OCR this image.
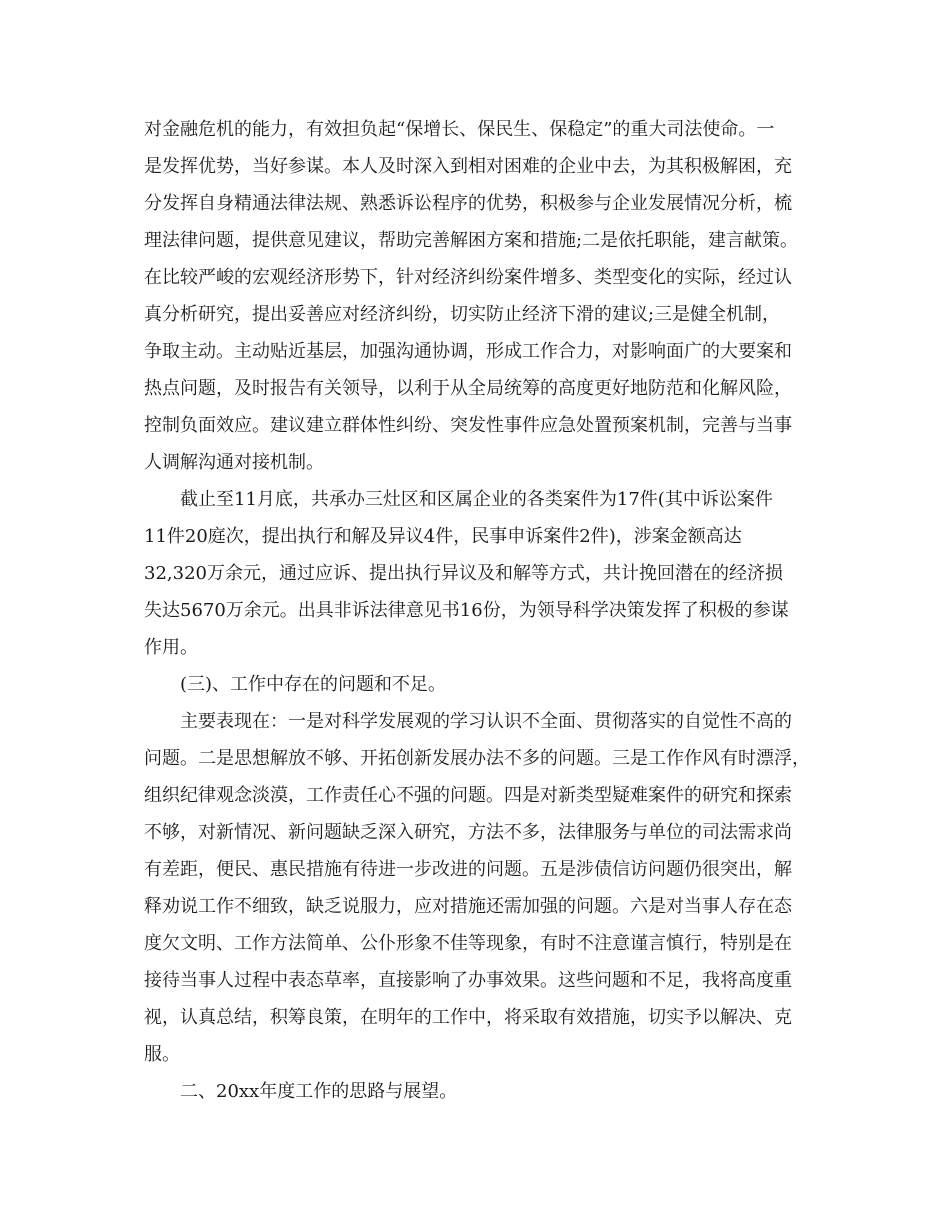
对金融危机的能力，有效担负起“保增长、保民生、保稳定”的重大司法使命。一

是发挥优势，当好参谋。本人及时深入到相对困难的企业中去，为其积极解困，充

分发挥自身精通法律法规、熟悉诉讼程序的优势，积极参与企业发展情况分析，梳

理法律问题，提供意见建议，帮助完善解困方案和措施;二是依托职能，建言献策。

在比较严峻的宏观经济形势下，针对经济纠纷案件增多、类型变化的实际，经过认

真分析研究，提出妥善应对经济纠纷，切实防止经济下滑的建议;三是健全机制，

争取主动。主动贴近基层，加强沟通协调，形成工作合力，对影响面广的大要案和

热点问题，及时报告有关领导，以利于从全局统筹的高度更好地防范和化解风险，

控制负面效应。建议建立群体性纠纷、突发性事件应急处置预案机制，完善与当事

人调解沟通对接机制。

截止至11月底，共承办三灶区和区属企业的各类案件为17件(其中诉讼案件

11件20庭次，提出执行和解及异议4件，民事申诉案件2件)，涉案金额高达

32,320万余元，通过应诉、提出执行异议及和解等方式，共计挽回潜在的经济损

失达5670万余元。出具非诉法律意见书16份，为领导科学决策发挥了积极的参谋

作用。

(三)、工作中存在的问题和不足。

主要表现在：一是对科学发展观的学习认识不全面、贯彻落实的自觉性不高的

问题。二是思想解放不够、开拓创新发展办法不多的问题。三是工作作风有时漂浮，

组织纪律观念淡漠，工作责任心不强的问题。四是对新类型疑难案件的研究和探索

不够，对新情况、新问题缺乏深入研究，方法不多，法律服务与单位的司法需求尚

有差距，便民、惠民措施有待进一步改进的问题。五是涉债信访问题仍很突出，解

释劝说工作不细致，缺乏说服力，应对措施还需加强的问题。六是对当事人存在态

度欠文明、工作方法简单、公仆形象不佳等现象，有时不注意谨言慎行，特别是在

接待当事人过程中表态草率，直接影响了办事效果。这些问题和不足，我将高度重

视，认真总结，积筹良策，在明年的工作中，将采取有效措施，切实予以解决、克

服。

二、20xx年度工作的思路与展望。
